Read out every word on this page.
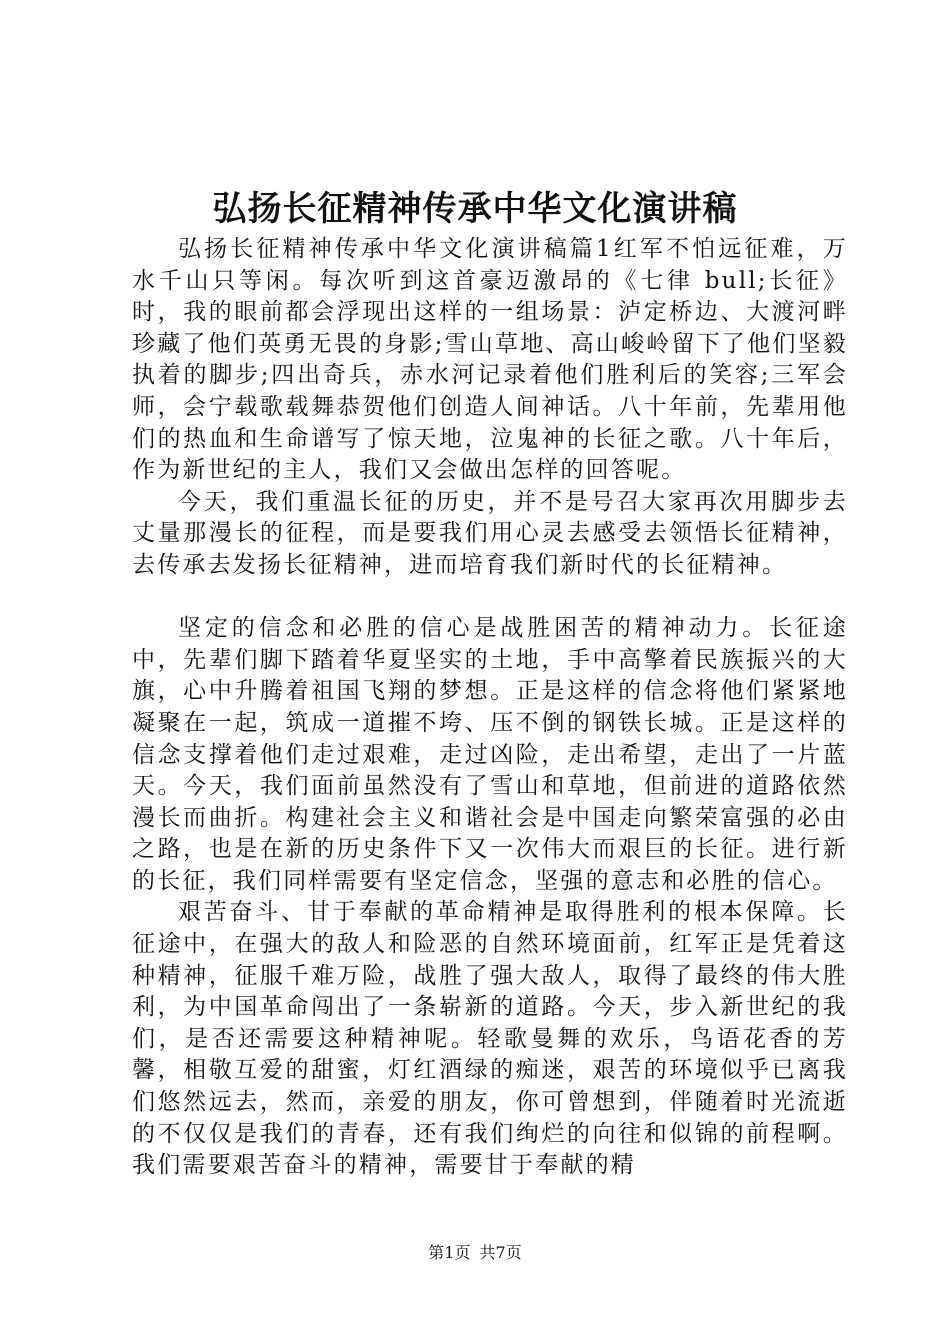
弘扬长征精神传承中华文化演讲稿

弘扬长征精神传承中华文化演讲稿篇1红军不怕远征难，万水千山只等闲。每次听到这首豪迈激昂的《七律 bull;长征》时，我的眼前都会浮现出这样的一组场景：泸定桥边、大渡河畔珍藏了他们英勇无畏的身影;雪山草地、高山峻岭留下了他们坚毅执着的脚步;四出奇兵，赤水河记录着他们胜利后的笑容;三军会师，会宁载歌载舞恭贺他们创造人间神话。八十年前，先辈用他们的热血和生命谱写了惊天地，泣鬼神的长征之歌。八十年后，作为新世纪的主人，我们又会做出怎样的回答呢。

今天，我们重温长征的历史，并不是号召大家再次用脚步去丈量那漫长的征程，而是要我们用心灵去感受去领悟长征精神，去传承去发扬长征精神，进而培育我们新时代的长征精神。

坚定的信念和必胜的信心是战胜困苦的精神动力。长征途中，先辈们脚下踏着华夏坚实的土地，手中高擎着民族振兴的大旗，心中升腾着祖国飞翔的梦想。正是这样的信念将他们紧紧地凝聚在一起，筑成一道摧不垮、压不倒的钢铁长城。正是这样的信念支撑着他们走过艰难，走过凶险，走出希望，走出了一片蓝天。今天，我们面前虽然没有了雪山和草地，但前进的道路依然漫长而曲折。构建社会主义和谐社会是中国走向繁荣富强的必由之路，也是在新的历史条件下又一次伟大而艰巨的长征。进行新的长征，我们同样需要有坚定信念，坚强的意志和必胜的信心。

艰苦奋斗、甘于奉献的革命精神是取得胜利的根本保障。长征途中，在强大的敌人和险恶的自然环境面前，红军正是凭着这种精神，征服千难万险，战胜了强大敌人，取得了最终的伟大胜利，为中国革命闯出了一条崭新的道路。今天，步入新世纪的我们，是否还需要这种精神呢。轻歌曼舞的欢乐，鸟语花香的芳馨，相敬互爱的甜蜜，灯红酒绿的痴迷，艰苦的环境似乎已离我们悠然远去，然而，亲爱的朋友，你可曾想到，伴随着时光流逝的不仅仅是我们的青春，还有我们绚烂的向往和似锦的前程啊。我们需要艰苦奋斗的精神，需要甘于奉献的精

第1页 共7页
